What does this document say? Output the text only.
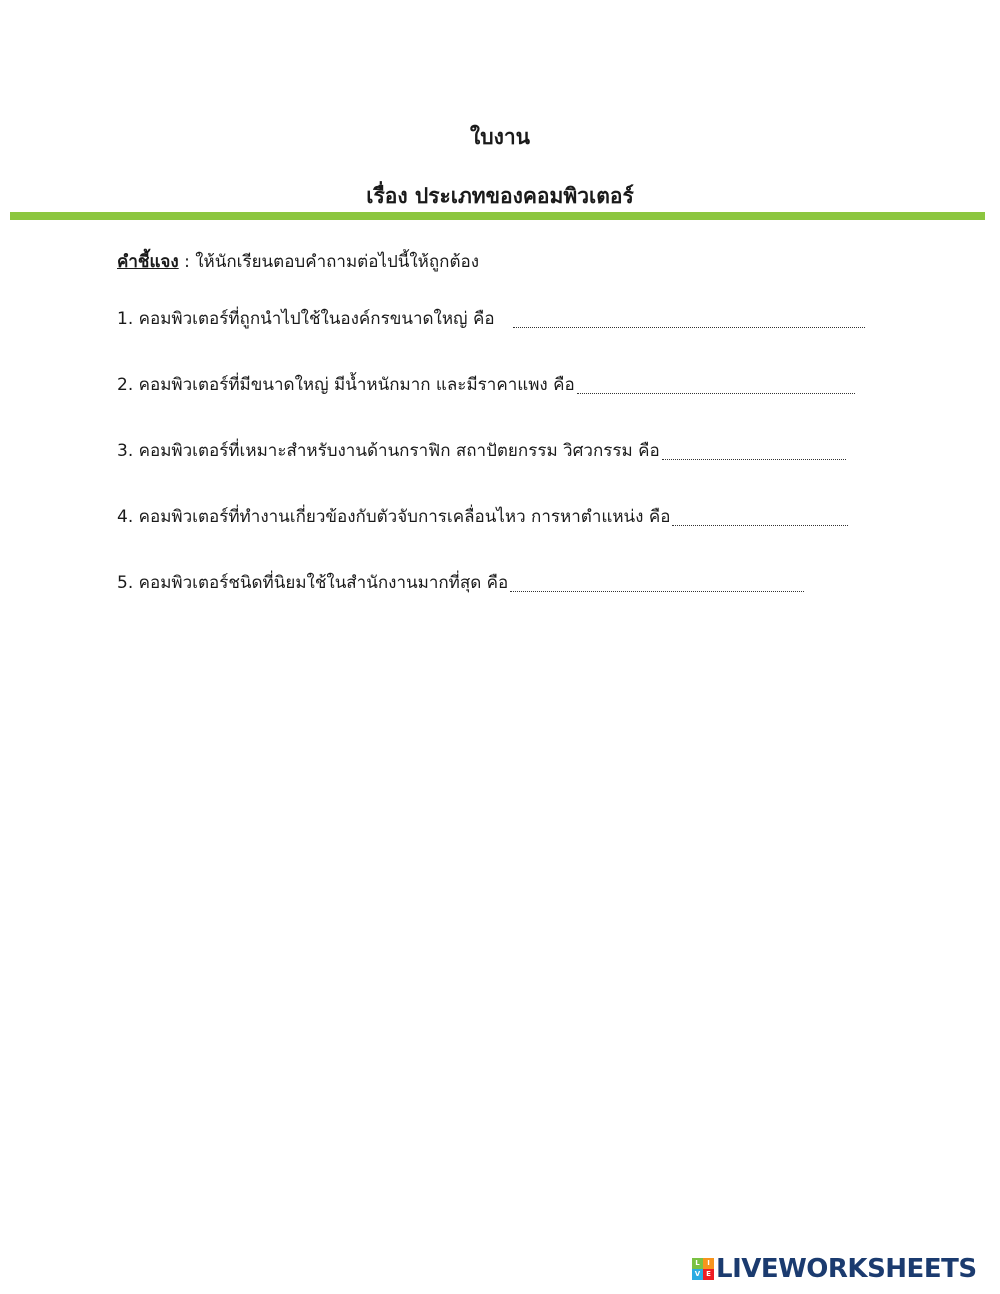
ใบงาน
เรื่อง ประเภทของคอมพิวเตอร์
คำชี้แจง : ให้นักเรียนตอบคำถามต่อไปนี้ให้ถูกต้อง
1. คอมพิวเตอร์ที่ถูกนำไปใช้ในองค์กรขนาดใหญ่ คือ
2. คอมพิวเตอร์ที่มีขนาดใหญ่ มีน้ำหนักมาก และมีราคาแพง คือ
3. คอมพิวเตอร์ที่เหมาะสำหรับงานด้านกราฟิก สถาปัตยกรรม วิศวกรรม คือ
4. คอมพิวเตอร์ที่ทำงานเกี่ยวข้องกับตัวจับการเคลื่อนไหว การหาตำแหน่ง คือ
5. คอมพิวเตอร์ชนิดที่นิยมใช้ในสำนักงานมากที่สุด คือ
L	I
V E LIVEWORKSHEETS
